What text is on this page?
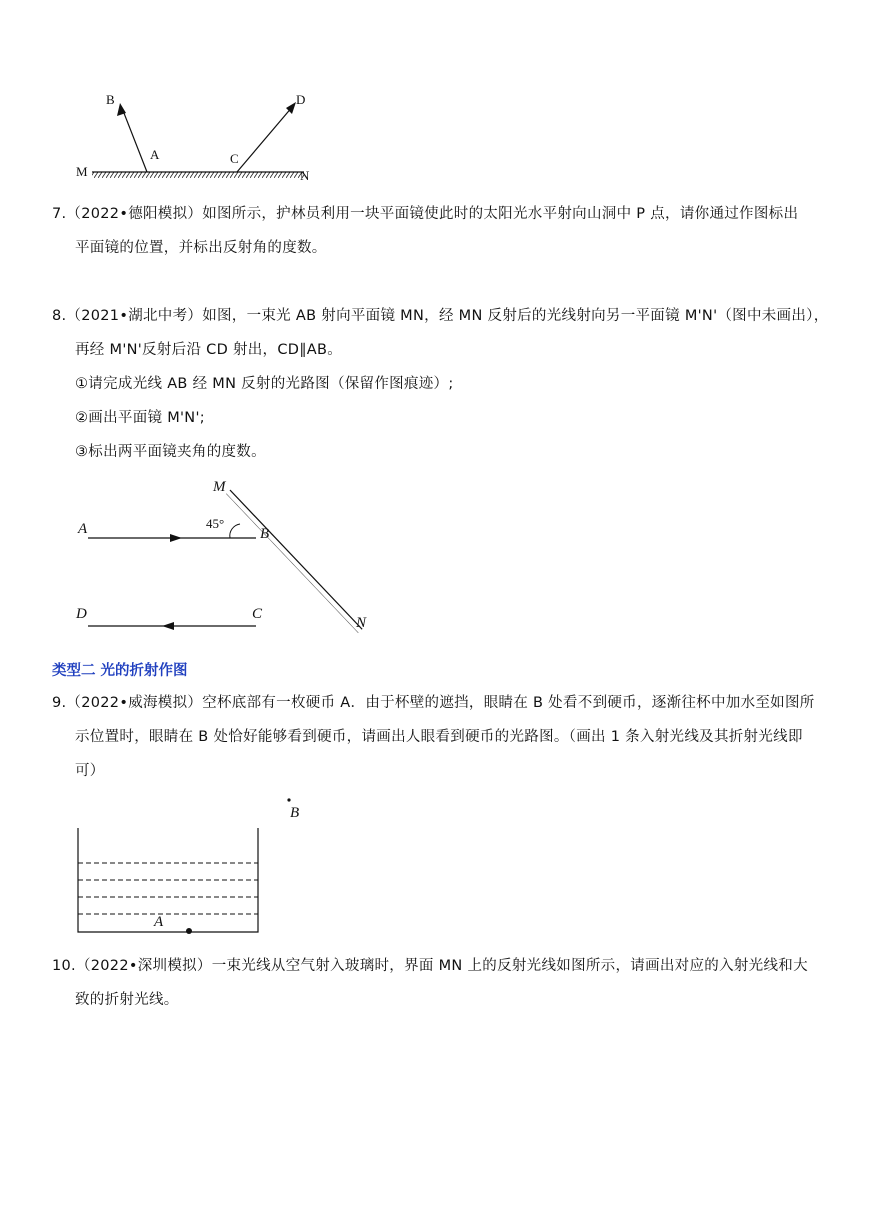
B	D
A	C
M	N
7.（2022•德阳模拟）如图所示，护林员利用一块平面镜使此时的太阳光水平射向山洞中 P 点，请你通过作图标出
平面镜的位置，并标出反射角的度数。
8.（2021•湖北中考）如图，一束光 AB 射向平面镜 MN，经 MN 反射后的光线射向另一平面镜 M'N'（图中未画出），
再经 M'N'反射后沿 CD 射出，CD∥AB。
①请完成光线 AB 经 MN 反射的光路图（保留作图痕迹）;
②画出平面镜 M'N';
③标出两平面镜夹角的度数。
M
A	45°
B
D	C
N
类型二 光的折射作图
9.（2022•威海模拟）空杯底部有一枚硬币 A．由于杯壁的遮挡，眼睛在 B 处看不到硬币，逐渐往杯中加水至如图所
示位置时，眼睛在 B 处恰好能够看到硬币，请画出人眼看到硬币的光路图。（画出 1 条入射光线及其折射光线即
可）
A
B
10.（2022•深圳模拟）一束光线从空气射入玻璃时，界面 MN 上的反射光线如图所示，请画出对应的入射光线和大
致的折射光线。
